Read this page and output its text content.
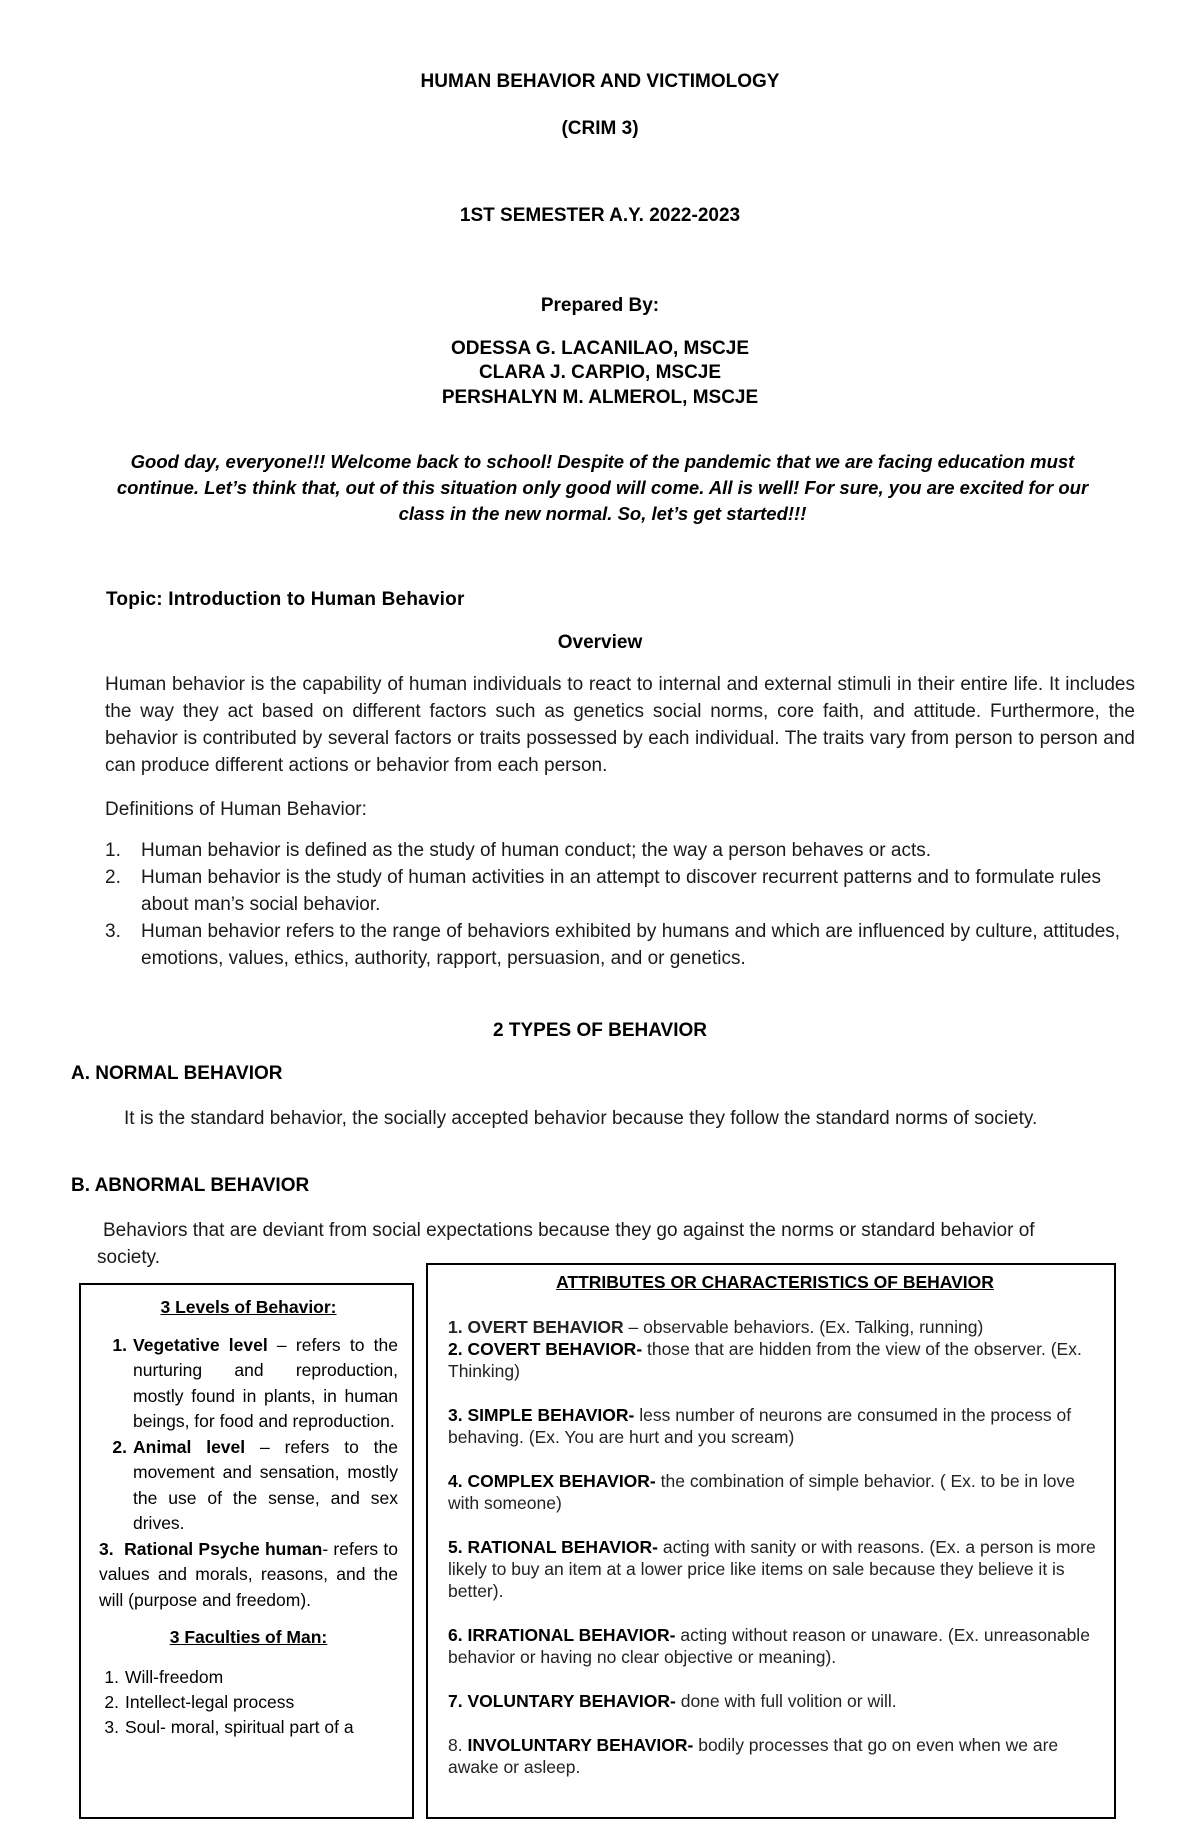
HUMAN BEHAVIOR AND VICTIMOLOGY
(CRIM 3)
1ST SEMESTER A.Y. 2022-2023
Prepared By:
ODESSA G. LACANILAO, MSCJE
CLARA J. CARPIO, MSCJE
PERSHALYN M. ALMEROL, MSCJE
Good day, everyone!!! Welcome back to school! Despite of the pandemic that we are facing education must continue. Let’s think that, out of this situation only good will come. All is well! For sure, you are excited for our class in the new normal. So, let’s get started!!!
Topic: Introduction to Human Behavior
Overview
Human behavior is the capability of human individuals to react to internal and external stimuli in their entire life. It includes the way they act based on different factors such as genetics social norms, core faith, and attitude. Furthermore, the behavior is contributed by several factors or traits possessed by each individual. The traits vary from person to person and can produce different actions or behavior from each person.
Definitions of Human Behavior:
1.	Human behavior is defined as the study of human conduct; the way a person behaves or acts.
2.	Human behavior is the study of human activities in an attempt to discover recurrent patterns and to formulate rules about man’s social behavior.
3.	Human behavior refers to the range of behaviors exhibited by humans and which are influenced by culture, attitudes, emotions, values, ethics, authority, rapport, persuasion, and or genetics.
2 TYPES OF BEHAVIOR
A. NORMAL BEHAVIOR
It is the standard behavior, the socially accepted behavior because they follow the standard norms of society.
B. ABNORMAL BEHAVIOR
Behaviors that are deviant from social expectations because they go against the norms or standard behavior of society.
3 Levels of Behavior:
1. Vegetative level – refers to the nurturing and reproduction, mostly found in plants, in human beings, for food and reproduction.
2. Animal level – refers to the movement and sensation, mostly the use of the sense, and sex drives.
3. Rational Psyche human- refers to values and morals, reasons, and the will (purpose and freedom).
3 Faculties of Man:
1. Will-freedom
2. Intellect-legal process
3. Soul- moral, spiritual part of a
ATTRIBUTES OR CHARACTERISTICS OF BEHAVIOR
1. OVERT BEHAVIOR – observable behaviors. (Ex. Talking, running)
2. COVERT BEHAVIOR- those that are hidden from the view of the observer. (Ex. Thinking)
3. SIMPLE BEHAVIOR- less number of neurons are consumed in the process of behaving. (Ex. You are hurt and you scream)
4. COMPLEX BEHAVIOR- the combination of simple behavior. ( Ex. to be in love with someone)
5. RATIONAL BEHAVIOR- acting with sanity or with reasons. (Ex. a person is more likely to buy an item at a lower price like items on sale because they believe it is better).
6. IRRATIONAL BEHAVIOR- acting without reason or unaware. (Ex. unreasonable behavior or having no clear objective or meaning).
7. VOLUNTARY BEHAVIOR- done with full volition or will.
8. INVOLUNTARY BEHAVIOR- bodily processes that go on even when we are awake or asleep.
